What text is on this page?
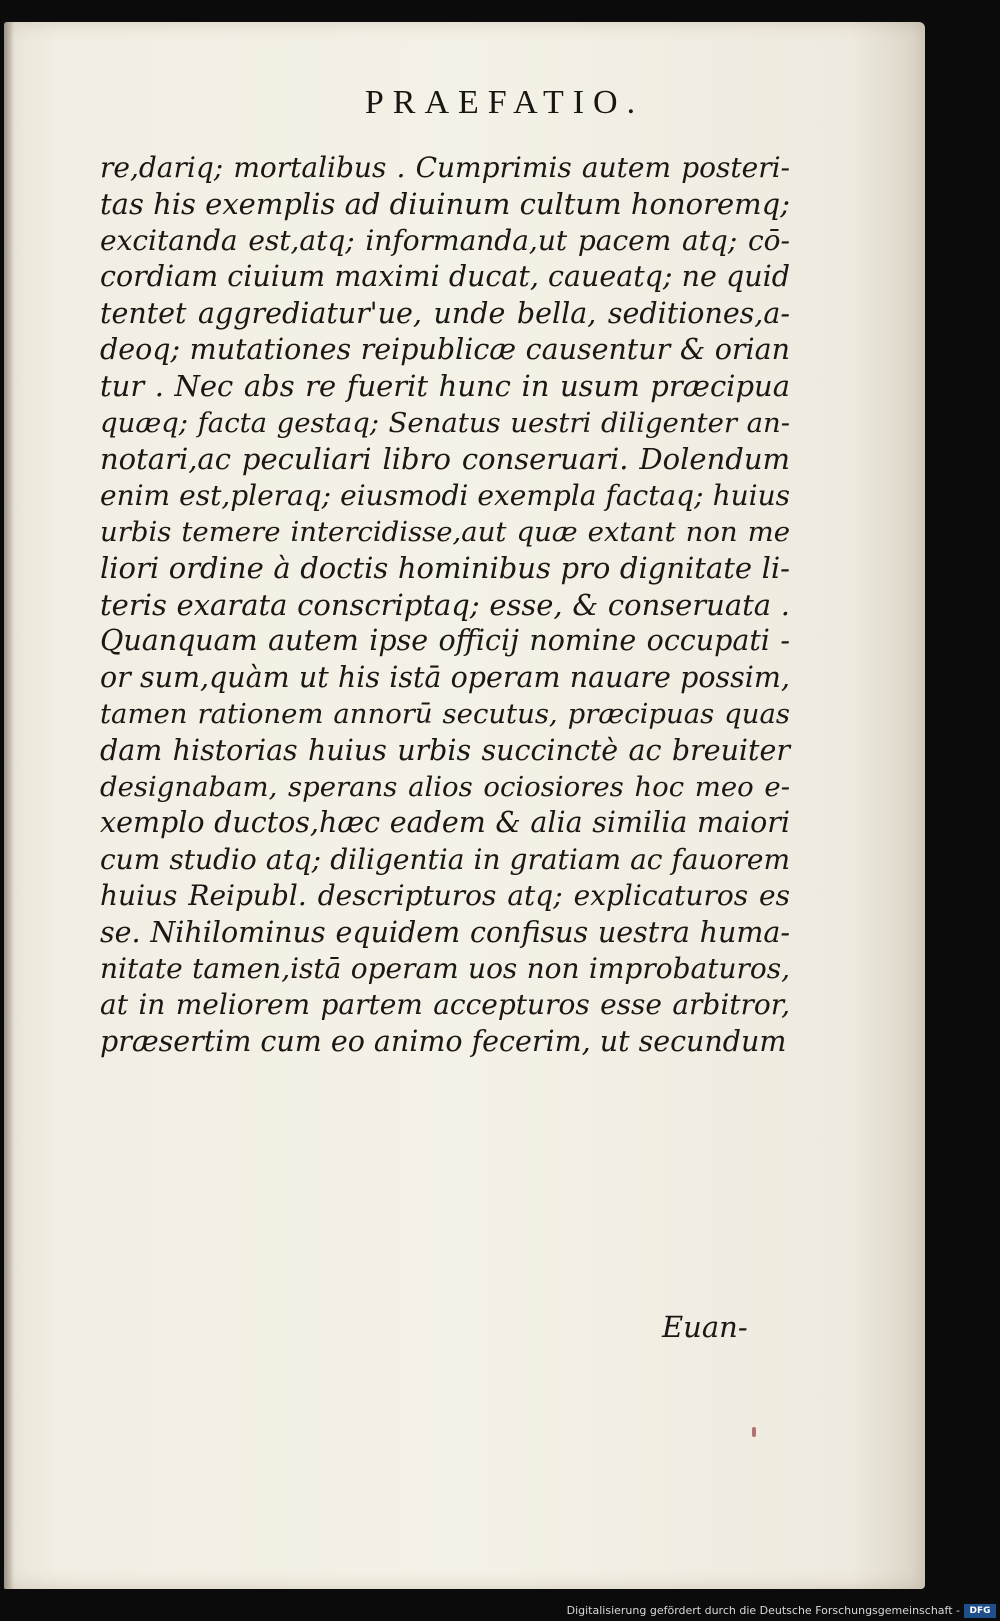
PRAEFATIO.
re,dariq; mortalibus . Cumprimis autem posteri-
tas his exemplis ad diuinum cultum honoremq;
excitanda est,atq; informanda,ut pacem atq; cō-
cordiam ciuium maximi ducat, caueatq; ne quid
tentet aggrediatur'ue, unde bella, seditiones,a-
deoq; mutationes reipublicæ causentur & orian
tur . Nec abs re fuerit hunc in usum præcipua
quæq; facta gestaq; Senatus uestri diligenter an-
notari,ac peculiari libro conseruari. Dolendum
enim est,pleraq; eiusmodi exempla factaq; huius
urbis temere intercidisse,aut quæ extant non me
liori ordine à doctis hominibus pro dignitate li-
teris exarata conscriptaq; esse, & conseruata .
Quanquam autem ipse officij nomine occupati -
or sum,quàm ut his istā operam nauare possim,
tamen rationem annorū secutus, præcipuas quas
dam historias huius urbis succinctè ac breuiter
designabam, sperans alios ociosiores hoc meo e-
xemplo ductos,hæc eadem & alia similia maiori
cum studio atq; diligentia in gratiam ac fauorem
huius Reipubl. descripturos atq; explicaturos es
se. Nihilominus equidem confisus uestra huma-
nitate tamen,istā operam uos non improbaturos,
at in meliorem partem accepturos esse arbitror,
præsertim cum eo animo fecerim, ut secundum
Euan-
Digitalisierung gefördert durch die Deutsche Forschungsgemeinschaft -	DFG
